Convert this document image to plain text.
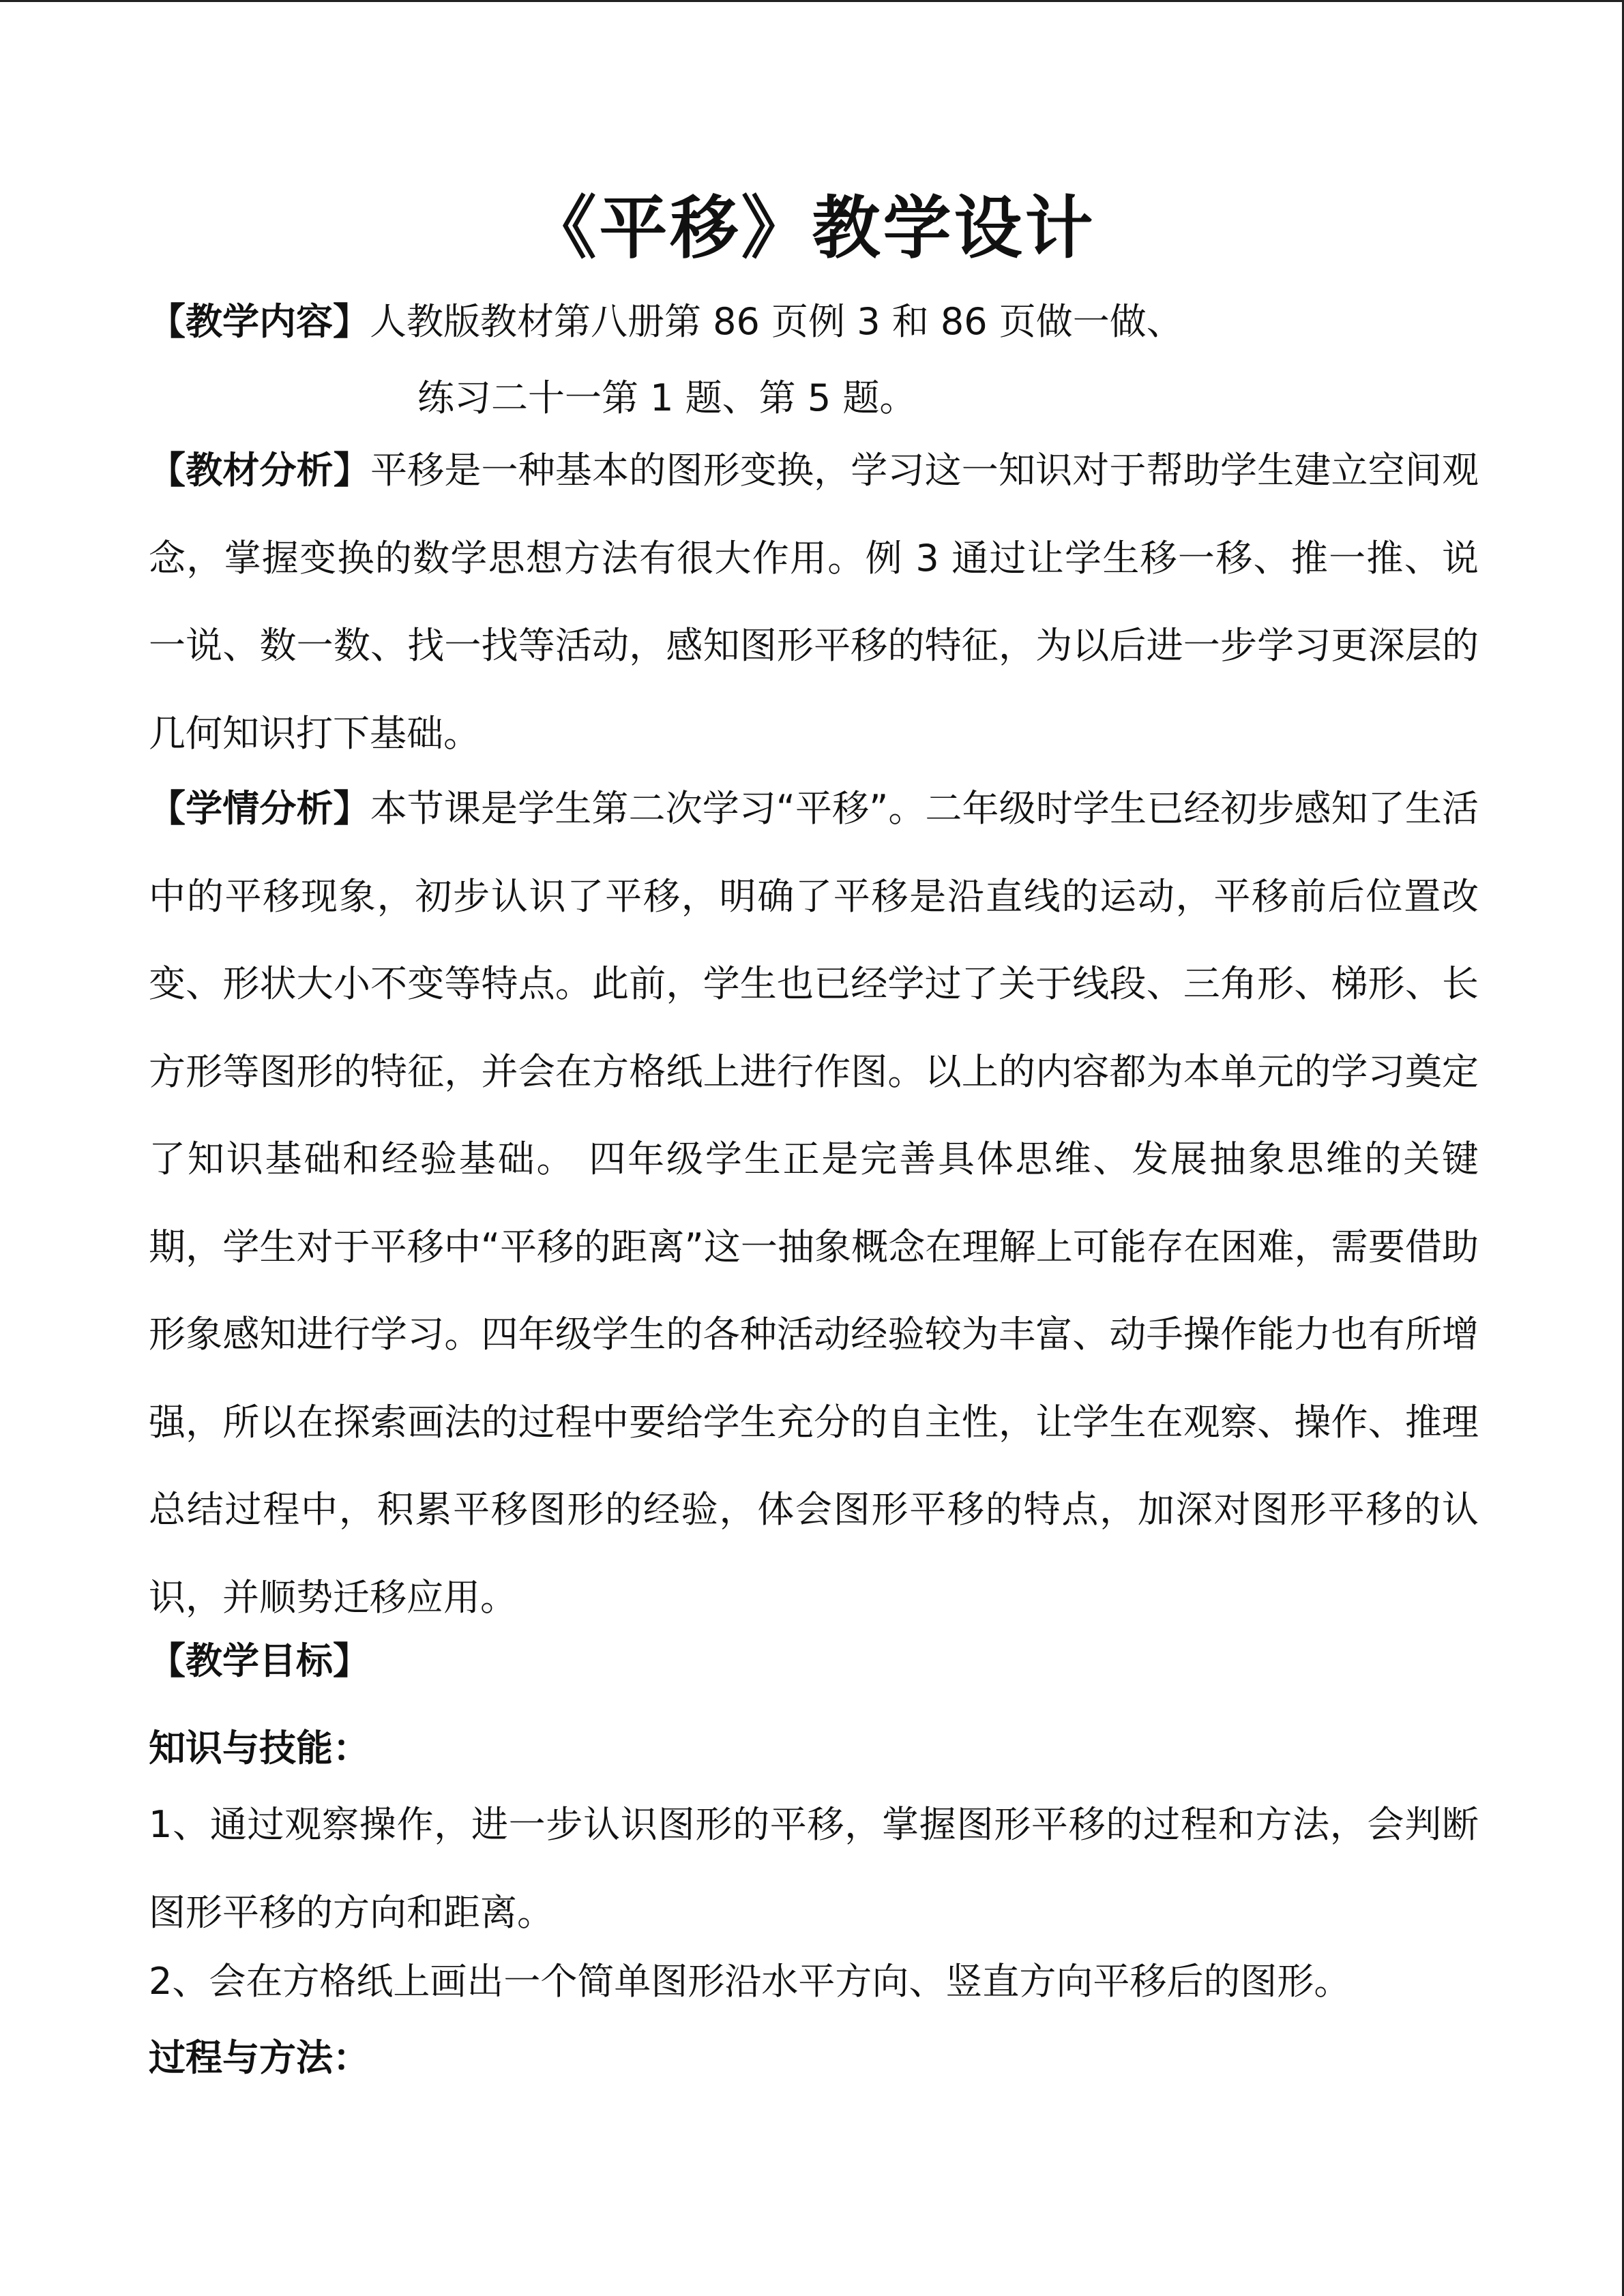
《平移》教学设计
【教学内容】人教版教材第八册第 86 页例 3 和 86 页做一做、
练习二十一第 1 题、第 5 题。

【教材分析】平移是一种基本的图形变换，学习这一知识对于帮助学生建立空间观念，掌握变换的数学思想方法有很大作用。例 3 通过让学生移一移、推一推、说一说、数一数、找一找等活动，感知图形平移的特征，为以后进一步学习更深层的几何知识打下基础。

【学情分析】本节课是学生第二次学习“平移”。二年级时学生已经初步感知了生活中的平移现象，初步认识了平移，明确了平移是沿直线的运动，平移前后位置改变、形状大小不变等特点。此前，学生也已经学过了关于线段、三角形、梯形、长方形等图形的特征，并会在方格纸上进行作图。以上的内容都为本单元的学习奠定了知识基础和经验基础。 四年级学生正是完善具体思维、发展抽象思维的关键期，学生对于平移中“平移的距离”这一抽象概念在理解上可能存在困难，需要借助形象感知进行学习。四年级学生的各种活动经验较为丰富、动手操作能力也有所增强，所以在探索画法的过程中要给学生充分的自主性，让学生在观察、操作、推理总结过程中，积累平移图形的经验，体会图形平移的特点，加深对图形平移的认识，并顺势迁移应用。

【教学目标】
知识与技能：

1、通过观察操作，进一步认识图形的平移，掌握图形平移的过程和方法，会判断图形平移的方向和距离。

2、会在方格纸上画出一个简单图形沿水平方向、竖直方向平移后的图形。

过程与方法：
